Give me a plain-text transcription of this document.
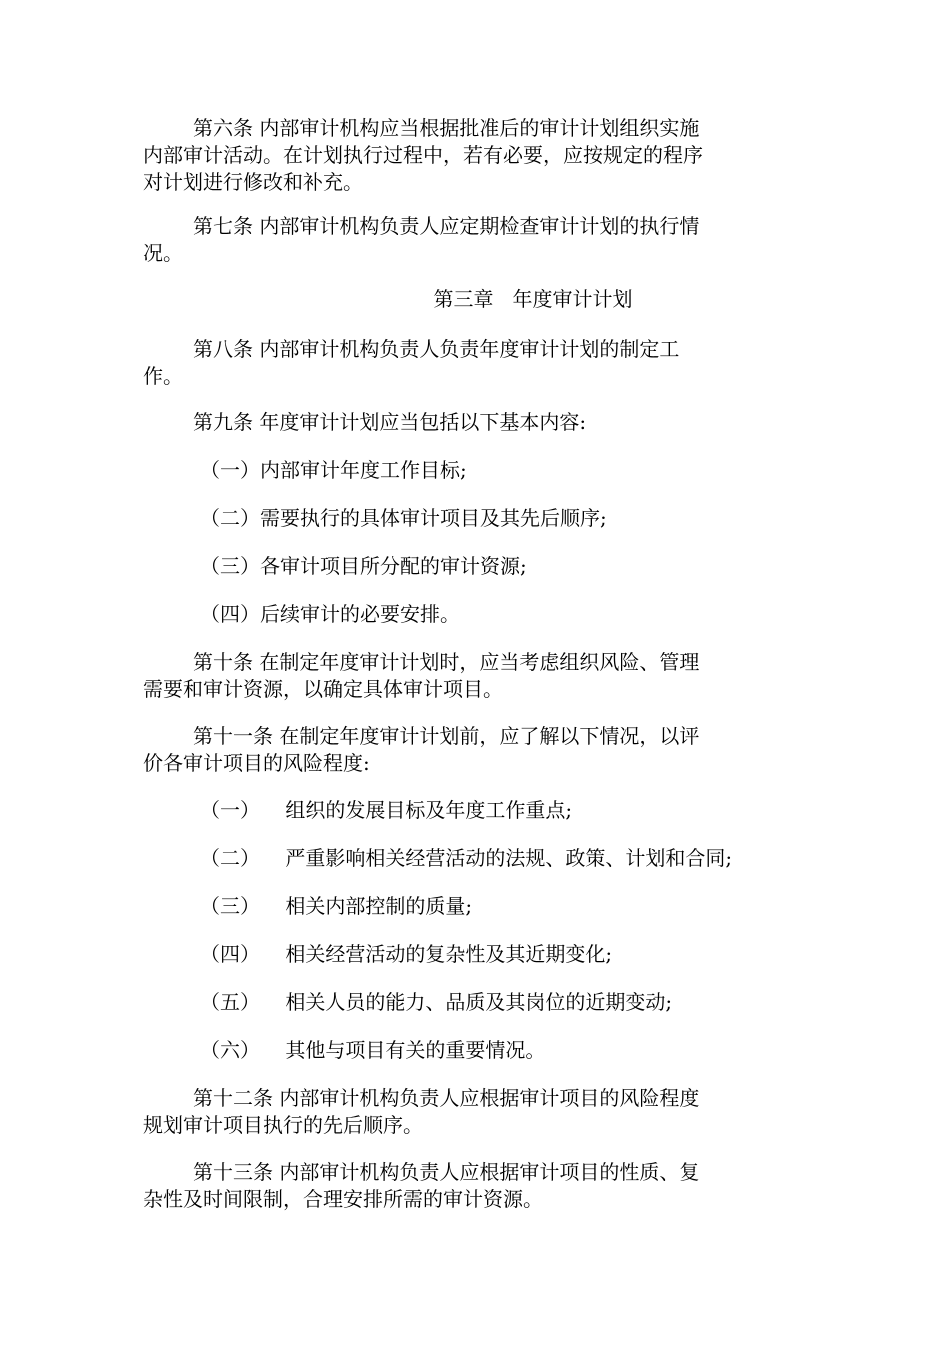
第六条 内部审计机构应当根据批准后的审计计划组织实施
内部审计活动。在计划执行过程中，若有必要，应按规定的程序
对计划进行修改和补充。
第七条 内部审计机构负责人应定期检查审计计划的执行情
况。
第三章   年度审计计划
第八条 内部审计机构负责人负责年度审计计划的制定工
作。
第九条 年度审计计划应当包括以下基本内容:
（一）内部审计年度工作目标;
（二）需要执行的具体审计项目及其先后顺序;
（三）各审计项目所分配的审计资源;
（四）后续审计的必要安排。
第十条 在制定年度审计计划时，应当考虑组织风险、管理
需要和审计资源，以确定具体审计项目。
第十一条 在制定年度审计计划前，应了解以下情况，以评
价各审计项目的风险程度:
（一）    组织的发展目标及年度工作重点;
（二）    严重影响相关经营活动的法规、政策、计划和合同;
（三）    相关内部控制的质量;
（四）    相关经营活动的复杂性及其近期变化;
（五）    相关人员的能力、品质及其岗位的近期变动;
（六）    其他与项目有关的重要情况。
第十二条 内部审计机构负责人应根据审计项目的风险程度
规划审计项目执行的先后顺序。
第十三条 内部审计机构负责人应根据审计项目的性质、复
杂性及时间限制，合理安排所需的审计资源。
